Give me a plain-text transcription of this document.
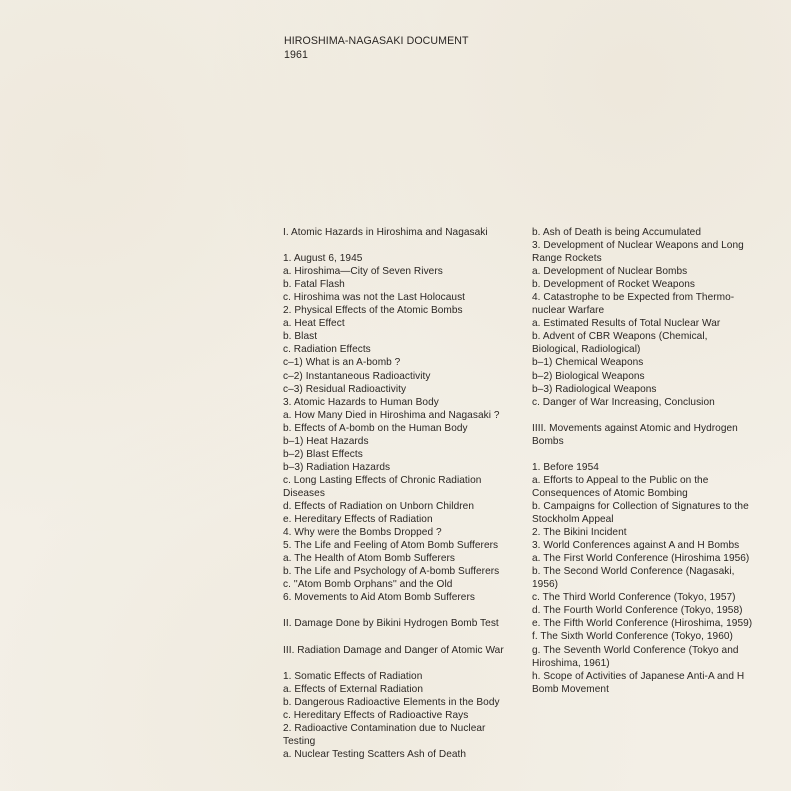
HIROSHIMA-NAGASAKI DOCUMENT
1961
I. Atomic Hazards in Hiroshima and Nagasaki
1. August 6, 1945
a. Hiroshima—City of Seven Rivers
b. Fatal Flash
c. Hiroshima was not the Last Holocaust
2. Physical Effects of the Atomic Bombs
a. Heat Effect
b. Blast
c. Radiation Effects
c–1) What is an A-bomb ?
c–2) Instantaneous Radioactivity
c–3) Residual Radioactivity
3. Atomic Hazards to Human Body
a. How Many Died in Hiroshima and Nagasaki ?
b. Effects of A-bomb on the Human Body
b–1) Heat Hazards
b–2) Blast Effects
b–3) Radiation Hazards
c. Long Lasting Effects of Chronic Radiation
Diseases
d. Effects of Radiation on Unborn Children
e. Hereditary Effects of Radiation
4. Why were the Bombs Dropped ?
5. The Life and Feeling of Atom Bomb Sufferers
a. The Health of Atom Bomb Sufferers
b. The Life and Psychology of A-bomb Sufferers
c. ''Atom Bomb Orphans'' and the Old
6. Movements to Aid Atom Bomb Sufferers
II. Damage Done by Bikini Hydrogen Bomb Test
III. Radiation Damage and Danger of Atomic War
1. Somatic Effects of Radiation
a. Effects of External Radiation
b. Dangerous Radioactive Elements in the Body
c. Hereditary Effects of Radioactive Rays
2. Radioactive Contamination due to Nuclear
Testing
a. Nuclear Testing Scatters Ash of Death
b. Ash of Death is being Accumulated
3. Development of Nuclear Weapons and Long
Range Rockets
a. Development of Nuclear Bombs
b. Development of Rocket Weapons
4. Catastrophe to be Expected from Thermo-
nuclear Warfare
a. Estimated Results of Total Nuclear War
b. Advent of CBR Weapons (Chemical,
Biological, Radiological)
b–1) Chemical Weapons
b–2) Biological Weapons
b–3) Radiological Weapons
c. Danger of War Increasing, Conclusion
IIII. Movements against Atomic and Hydrogen
Bombs
1. Before 1954
a. Efforts to Appeal to the Public on the
Consequences of Atomic Bombing
b. Campaigns for Collection of Signatures to the
Stockholm Appeal
2. The Bikini Incident
3. World Conferences against A and H Bombs
a. The First World Conference (Hiroshima 1956)
b. The Second World Conference (Nagasaki,
1956)
c. The Third World Conference (Tokyo, 1957)
d. The Fourth World Conference (Tokyo, 1958)
e. The Fifth World Conference (Hiroshima, 1959)
f. The Sixth World Conference (Tokyo, 1960)
g. The Seventh World Conference (Tokyo and
Hiroshima, 1961)
h. Scope of Activities of Japanese Anti-A and H
Bomb Movement
